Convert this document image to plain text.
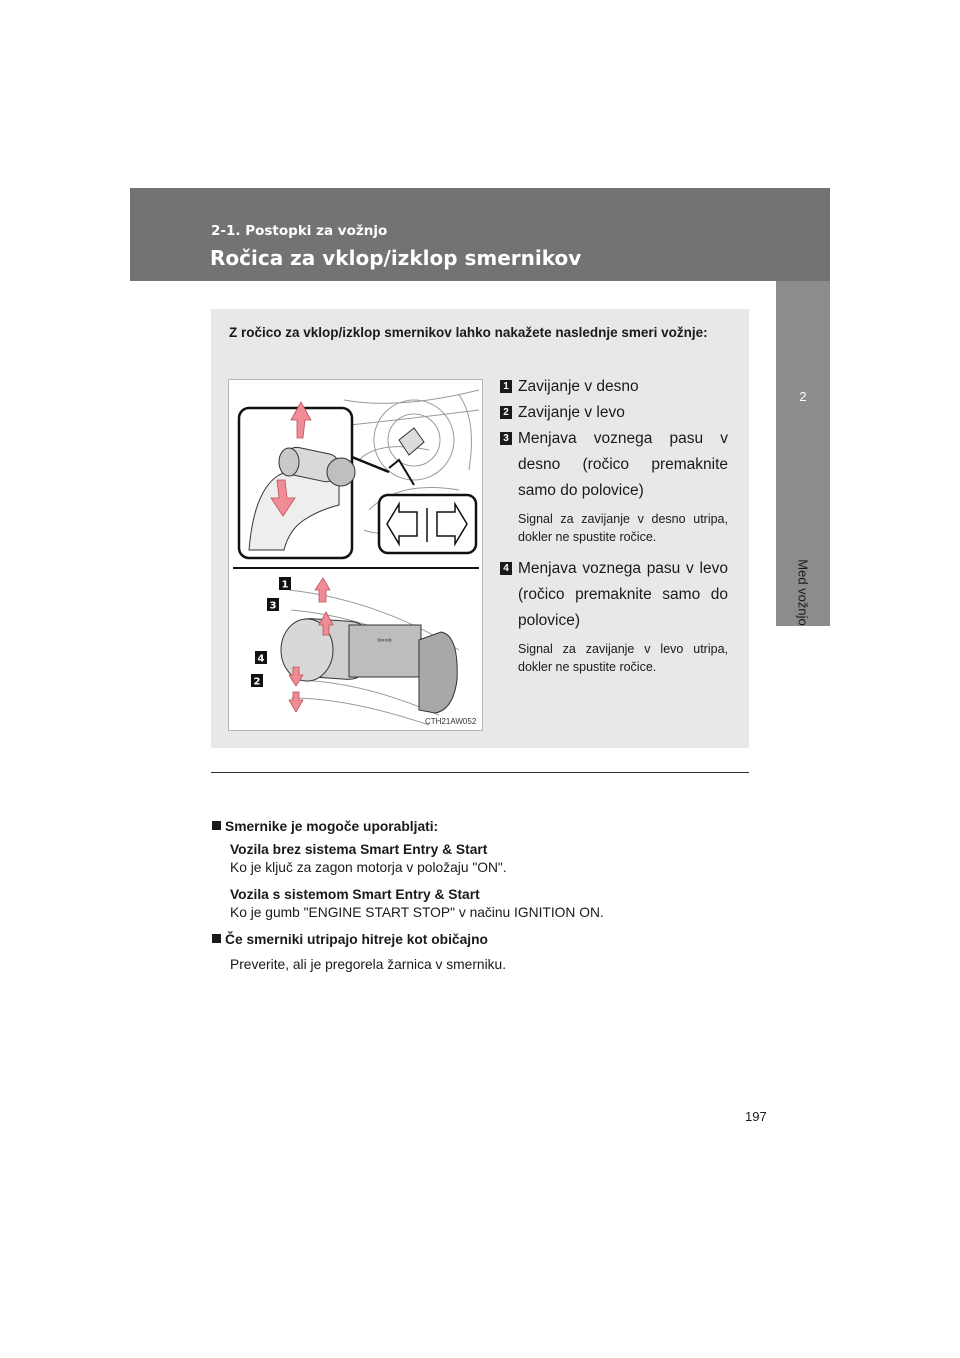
2-1. Postopki za vožnjo
Ročica za vklop/izklop smernikov
2
Med vožnjo
Z ročico za vklop/izklop smernikov lahko nakažete naslednje smeri vožnje:
⇦⇨
1
3
4
2
CTH21AW052
1 Zavijanje v desno
2 Zavijanje v levo
3 Menjava voznega pasu v desno (ročico premaknite samo do polovice)
Signal za zavijanje v desno utripa, dokler ne spustite ročice.
4 Menjava voznega pasu v levo (ročico premaknite samo do polovice)
Signal za zavijanje v levo utripa, dokler ne spustite ročice.
Smernike je mogoče uporabljati:
Vozila brez sistema Smart Entry & Start
Ko je ključ za zagon motorja v položaju "ON".
Vozila s sistemom Smart Entry & Start
Ko je gumb "ENGINE START STOP" v načinu IGNITION ON.
Če smerniki utripajo hitreje kot običajno
Preverite, ali je pregorela žarnica v smerniku.
197
